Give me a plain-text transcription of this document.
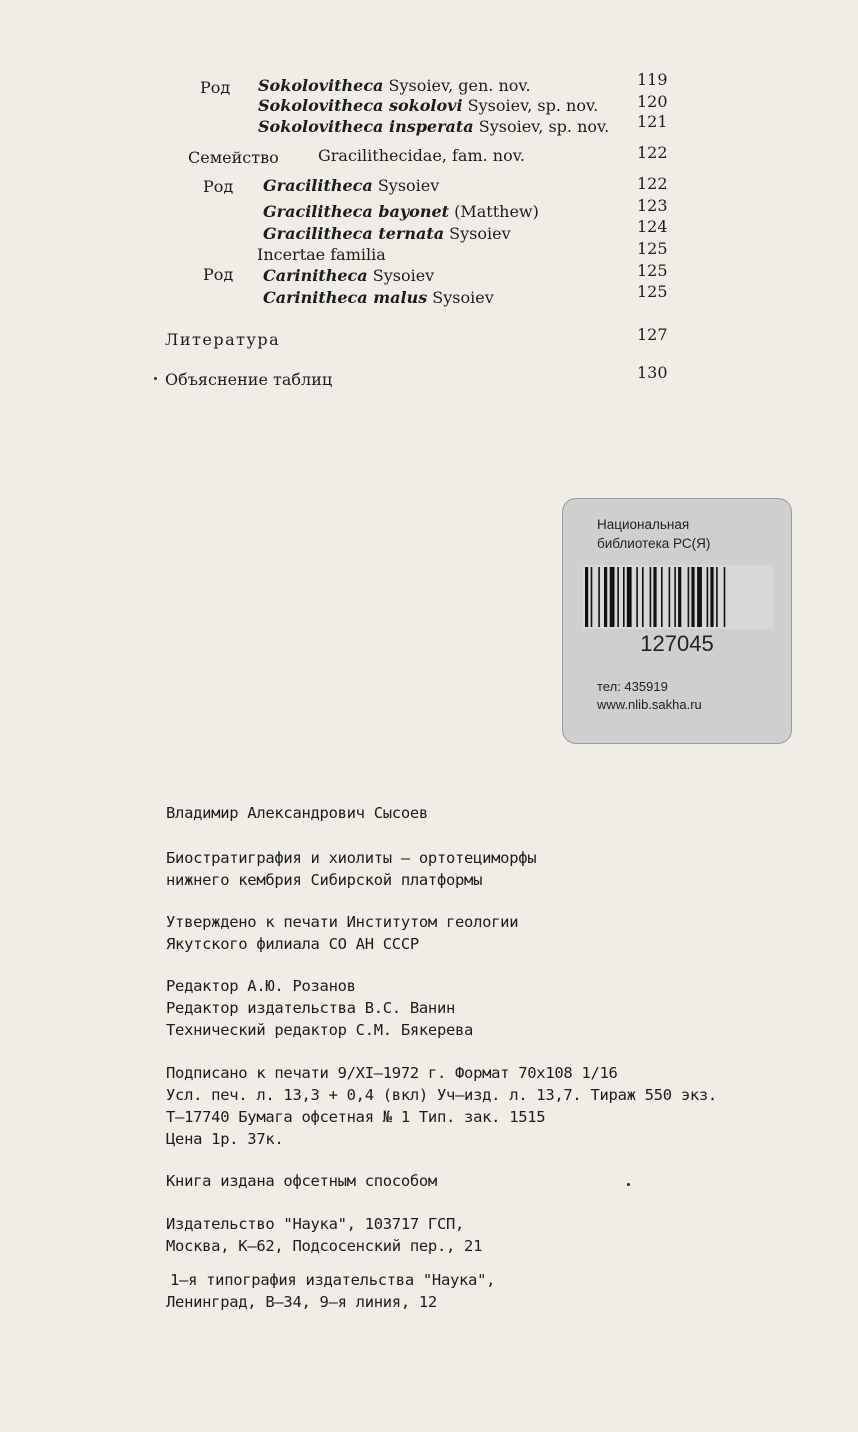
Род Sokolovitheca Sysoiev, gen. nov.	119
Sokolovitheca sokolovi Sysoiev, sp. nov. 120
Sokolovitheca insperata Sysoiev, sp. nov. 121
Семейство Gracilithecidae, fam. nov.	122
Род Gracilitheca Sysoiev	122
Gracilitheca bayonet (Matthew)	123
Gracilitheca ternata Sysoiev	124
Incertae familia	125
Род Carinitheca Sysoiev	125
Carinitheca malus Sysoiev	125
Литература	127
Объяснение таблиц	130
Национальная
библиотека РС(Я)
127045
тел: 435919
www.nlib.sakha.ru
Владимир Александрович Сысоев
Биостратиграфия и хиолиты – ортотецимoрфы
нижнего кембрия Сибирской платформы
Утверждено к печати Институтом геологии
Якутского филиала СО АН СССР
Редактор А.Ю. Розанов
Редактор издательства В.С. Ванин
Технический редактор С.М. Бякерева
Подписано к печати 9/XI–1972 г. Формат 70х108 1/16
Усл. печ. л. 13,3 + 0,4 (вкл) Уч–изд. л. 13,7. Тираж 550 экз.
Т–17740 Бумага офсетная № 1 Тип. зак. 1515
Цена 1р. 37к.
Книга издана офсетным способом
Издательство "Наука", 103717 ГСП,
Москва, К–62, Подсосенский пер., 21
1–я типография издательства "Наука",
Ленинград, В–34, 9–я линия, 12
